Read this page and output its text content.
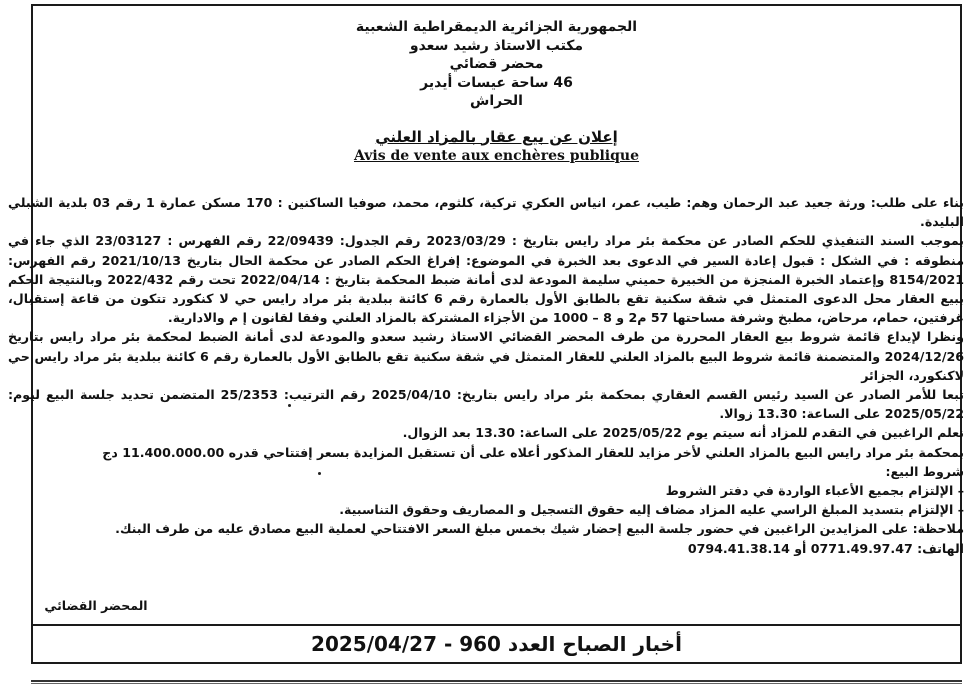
الجمهورية الجزائرية الديمقراطية الشعبية
مكتب الاستاذ رشيد سعدو
محضر قضائي
46 ساحة عيسات أيدير
الحراش
إعلان عن بيع عقار بالمزاد العلني
Avis de vente aux enchères publique

بناء على طلب: ورثة جعيد عبد الرحمان وهم: طيب، عمر، انياس العكري تركية، كلثوم، محمد، صوفيا الساكنين : 170 مسكن عمارة 1 رقم 03 بلدية الشبلي البليدة.

بموجب السند التنفيذي للحكم الصادر عن محكمة بئر مراد رايس بتاريخ : 2023/03/29 رقم الجدول: 22/09439 رقم الفهرس : 23/03127 الذي جاء في منطوقه : في الشكل : قبول إعادة السير في الدعوى بعد الخبرة في الموضوع: إفراغ الحكم الصادر عن محكمة الحال بتاريخ 2021/10/13 رقم الفهرس: 8154/2021 وإعتماد الخبرة المنجزة من الخبيرة حميني سليمة المودعة لدى أمانة ضبط المحكمة بتاريخ : 2022/04/14 تحت رقم 2022/432 وبالنتيجة الحكم ببيع العقار محل الدعوى المتمثل في شقة سكنية تقع بالطابق الأول بالعمارة رقم 6 كائنة ببلدية بئر مراد رايس حي لا كنكورد تتكون من قاعة إستقبال، غرفتين، حمام، مرحاض، مطبخ وشرفة مساحتها 57 م2 و 8 – 1000 من الأجزاء المشتركة بالمزاد العلني وفقا لقانون إ م والادارية.

ونظرا لإيداع قائمة شروط بيع العقار المحررة من طرف المحضر القضائي الاستاذ رشيد سعدو والمودعة لدى أمانة الضبط لمحكمة بئر مراد رايس بتاريخ 2024/12/26 والمتضمنة قائمة شروط البيع بالمزاد العلني للعقار المتمثل في شقة سكنية تقع بالطابق الأول بالعمارة رقم 6 كائنة ببلدية بئر مراد رايس حي لاكنكورد، الجزائر

تبعا للأمر الصادر عن السيد رئيس القسم العقاري بمحكمة بئر مراد رايس بتاريخ: 2025/04/10 رقم الترتيب: 25/2353 المتضمن تحديد جلسة البيع ليوم: 2025/05/22 على الساعة: 13.30 زوالا.

نعلم الراغبين في التقدم للمزاد أنه سيتم يوم 2025/05/22 على الساعة: 13.30 بعد الزوال.

بمحكمة بئر مراد رايس البيع بالمزاد العلني لأخر مزايد للعقار المذكور أعلاه على أن تستقبل المزايدة بسعر إفتتاحي قدره 11.400.000.00 دج

شروط البيع:

– الإلتزام بجميع الأعباء الواردة في دفتر الشروط

– الإلتزام بتسديد المبلغ الراسي عليه المزاد مضاف إليه حقوق التسجيل و المصاريف وحقوق التناسبية.

ملاحظة: على المزايدين الراغبين في حضور جلسة البيع إحضار شيك بخمس مبلغ السعر الافتتاحي لعملية البيع مصادق عليه من طرف البنك.

الهاتف: 0771.49.97.47 أو 0794.41.38.14

المحضر القضائي
أخبار الصباح العدد 960 - 2025/04/27
